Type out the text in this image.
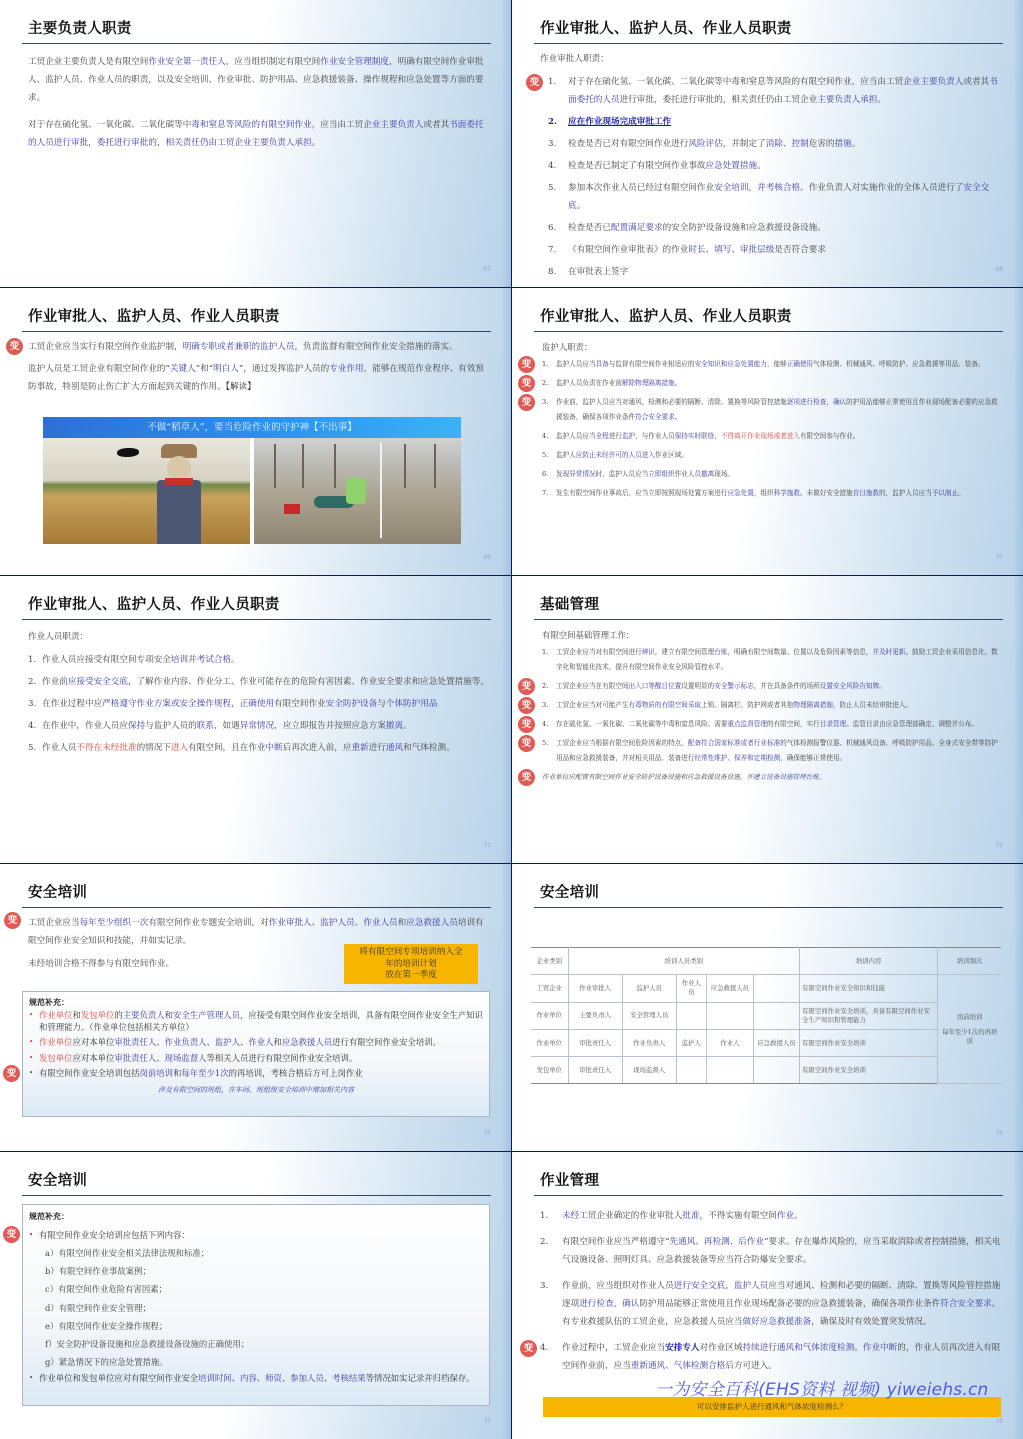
主要负责人职责
67
工贸企业主要负责人是有限空间作业安全第一责任人，应当组织制定有限空间作业安全管理制度，明确有限空间作业审批人、监护人员、作业人员的职责，以及安全培训、作业审批、防护用品、应急救援装备、操作规程和应急处置等方面的要求。
对于存在硫化氢、一氧化碳、二氧化碳等中毒和窒息等风险的有限空间作业，应当由工贸企业主要负责人或者其书面委托的人员进行审批，委托进行审批的，相关责任仍由工贸企业主要负责人承担。
作业审批人、监护人员、作业人员职责
68
作业审批人职责：
1. 对于存在硫化氢、一氧化碳、二氧化碳等中毒和窒息等风险的有限空间作业，应当由工贸企业主要负责人或者其书面委托的人员进行审批，委托进行审批的，相关责任仍由工贸企业主要负责人承担。
变
2. 应在作业现场完成审批工作
3. 检查是否已对有限空间作业进行风险评估，并制定了消除、控制危害的措施。
4. 检查是否已制定了有限空间作业事故应急处置措施。
5. 参加本次作业人员已经过有限空间作业安全培训，并考核合格。作业负责人对实施作业的全体人员进行了安全交底。
6. 检查是否已配置满足要求的安全防护设备设施和应急救援设备设施。
7. 《有限空间作业审批表》的作业时长、填写、审批层级是否符合要求
8. 在审批表上签字
作业审批人、监护人员、作业人员职责
69
工贸企业应当实行有限空间作业监护制，明确专职或者兼职的监护人员，负责监督有限空间作业安全措施的落实。
变
监护人员是工贸企业有限空间作业的“关键人”和“明白人”，通过发挥监护人员的专业作用，能够在规范作业程序、有效预防事故，特别是防止伤亡扩大方面起到关键的作用。【解读】
不做“稻草人”，要当危险作业的守护神【不出事】
作业审批人、监护人员、作业人员职责
70
监护人职责：
1. 监护人员应当具备与监督有限空间作业相适应的安全知识和应急处置能力，能够正确使用气体检测、机械通风、呼吸防护、应急救援等用品、装备。
变
2. 监护人员负责在作业前解除物理隔离措施。
变
3. 作业前，监护人员应当对通风、检测和必要的隔断、清除、置换等风险管控措施逐项进行检查，确认防护用品能够正常使用且作业现场配备必要的应急救援装备，确保各项作业条件符合安全要求。
变
4. 监护人员应当全程进行监护，与作业人员保持实时联络，不得离开作业现场或者进入有限空间参与作业。
5. 监护人应防止未经许可的人员进入作业区域。
6. 发现异常情况时，监护人员应当立即组织作业人员撤离现场。
7. 发生有限空间作业事故后，应当立即按照现场处置方案进行应急处置，组织科学施救。未做好安全措施盲目施救的，监护人员应当予以制止。
作业审批人、监护人员、作业人员职责
71
作业人员职责：
1. 作业人员应接受有限空间专项安全培训并考试合格。
2. 作业前应接受安全交底，了解作业内容、作业分工、作业可能存在的危险有害因素、作业安全要求和应急处置措施等。
3. 在作业过程中应严格遵守作业方案或安全操作规程，正确使用有限空间作业安全防护设备与个体防护用品
4. 在作业中，作业人员应保持与监护人员的联系，如遇异常情况，应立即报告并按照应急方案撤离。
5. 作业人员不得在未经批准的情况下进入有限空间，且在作业中断后再次进入前，应重新进行通风和气体检测。
基础管理
72
有限空间基础管理工作：
1. 工贸企业应当对有限空间进行辨识，建立有限空间管理台账，明确有限空间数量、位置以及危险因素等信息，并及时更新。鼓励工贸企业采用信息化、数字化和智能化技术，提升有限空间作业安全风险管控水平。
2. 工贸企业应当在有限空间出入口等醒目位置设置明显的安全警示标志，并在具备条件的场所设置安全风险告知牌。
变
3. 工贸企业应当对可能产生有毒物质的有限空间采取上锁、隔离栏、防护网或者其他物理隔离措施，防止人员未经审批进入。
变
4. 存在硫化氢、一氧化碳、二氧化碳等中毒和窒息风险、需要重点监督管理的有限空间，实行目录管理。监管目录由应急管理部确定、调整并公布。
变
5. 工贸企业应当根据有限空间危险因素的特点，配备符合国家标准或者行业标准的气体检测报警仪器、机械通风设备、呼吸防护用品、全身式安全带等防护用品和应急救援装备，并对相关用品、装备进行经常性维护、保养和定期检测，确保能够正常使用。
变
作业单位应配置有限空间作业安全防护设备设施和应急救援设备设施，并建立设备设施管理台账。
变
安全培训
73
工贸企业应当每年至少组织一次有限空间作业专题安全培训，对作业审批人、监护人员、作业人员和应急救援人员培训有限空间作业安全知识和技能，并如实记录。
变
未经培训合格不得参与有限空间作业。
将有限空间专项培训纳入全
年的培训计划
放在第一季度
规范补充：
• 作业单位和发包单位的主要负责人和安全生产管理人员，应接受有限空间作业安全培训，具备有限空间作业安全生产知识和管理能力。（作业单位包括相关方单位）
• 作业单位应对本单位审批责任人、作业负责人、监护人、作业人和应急救援人员进行有限空间作业安全培训。
• 发包单位应对本单位审批责任人、现场监督人等相关人员进行有限空间作业安全培训。
• 有限空间作业安全培训包括岗前培训和每年至少1次的再培训，考核合格后方可上岗作业
变
涉及有限空间的班组，在车间、班组级安全培训中增加相关内容
安全培训
74
企业类别	培训人员类别					培训内容	培训频次
工贸企业	作业审批人	监护人员	作业人员	应急救援人员		有限空间作业安全知识和技能	岗前培训
每年至少1次的再培训

作业单位	主要负责人	安全管理人员				有限空间作业安全培训，具备有限空间作业安全生产知识和管理能力	
作业单位	审批责任人	作业负责人	监护人	作业人	应急救援人员	有限空间作业安全培训	
发包单位	审批责任人	现场监督人				有限空间作业安全培训	
安全培训
75
规范补充：
• 有限空间作业安全培训应包括下列内容：
变
a）有限空间作业安全相关法律法规和标准；
b）有限空间作业事故案例；
c）有限空间作业危险有害因素；
d）有限空间作业安全管理；
e）有限空间作业安全操作规程；
f）安全防护设备设施和应急救援设备设施的正确使用；
g）紧急情况下的应急处置措施。
• 作业单位和发包单位应对有限空间作业安全培训时间、内容、师资、参加人员、考核结果等情况如实记录并归档保存。
作业管理
76
1. 未经工贸企业确定的作业审批人批准，不得实施有限空间作业。
2. 有限空间作业应当严格遵守“先通风、再检测、后作业”要求。存在爆炸风险的，应当采取消除或者控制措施，相关电气设施设备、照明灯具、应急救援装备等应当符合防爆安全要求。
3. 作业前，应当组织对作业人员进行安全交底，监护人员应当对通风、检测和必要的隔断、清除、置换等风险管控措施逐项进行检查，确认防护用品能够正常使用且作业现场配备必要的应急救援装备，确保各项作业条件符合安全要求。有专业救援队伍的工贸企业，应急救援人员应当做好应急救援准备，确保及时有效处置突发情况。
4. 作业过程中，工贸企业应当安排专人对作业区域持续进行通风和气体浓度检测。作业中断的，作业人员再次进入有限空间作业前，应当重新通风、气体检测合格后方可进入。
变
可以安排监护人进行通风和气体浓度检测么？
一为安全百科(EHS资料 视频) yiweiehs.cn
